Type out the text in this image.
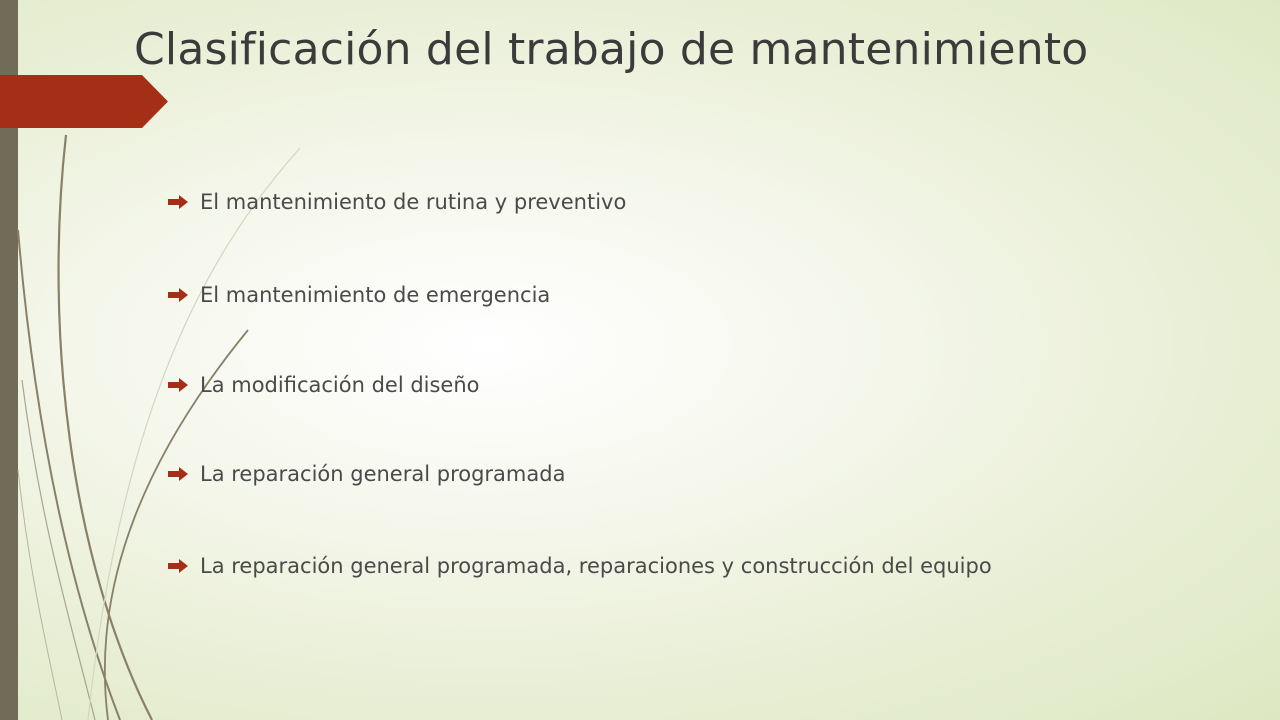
Clasificación del trabajo de mantenimiento
El mantenimiento de rutina y preventivo
El mantenimiento de emergencia
La modificación del diseño
La reparación general programada
La reparación general programada, reparaciones y construcción del equipo
